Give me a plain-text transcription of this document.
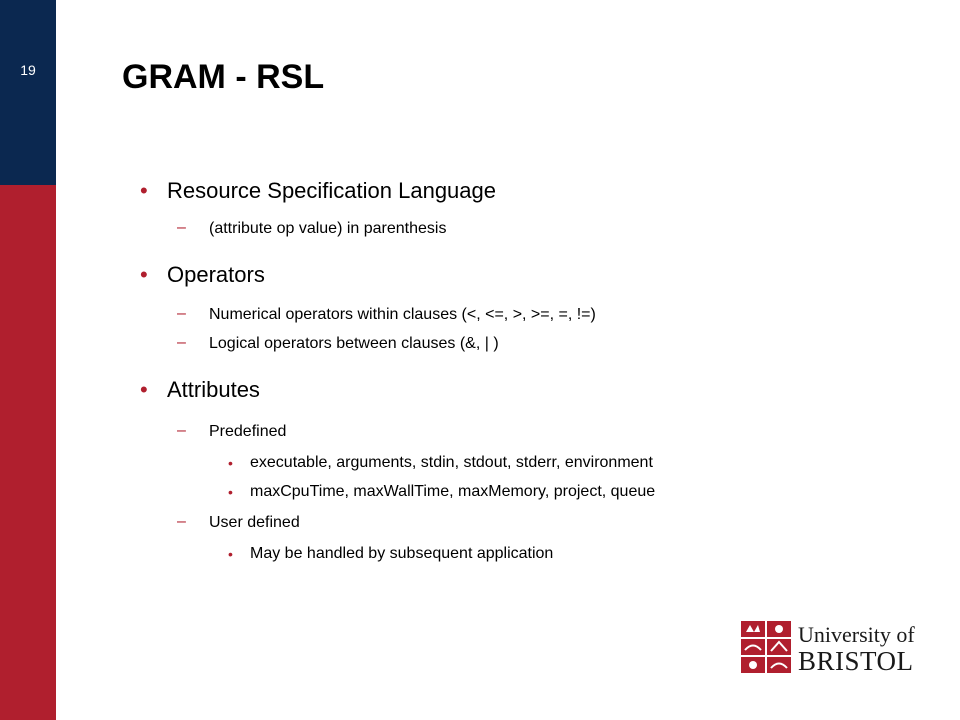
19	GRAM - RSL
• Resource Specification Language
– (attribute op value) in parenthesis
• Operators
– Numerical operators within clauses (<, <=, >, >=, =, !=)
– Logical operators between clauses (&, | )
• Attributes
– Predefined
• executable, arguments, stdin, stdout, stderr, environment
• maxCpuTime, maxWallTime, maxMemory, project, queue
– User defined
• May be handled by subsequent application
University of
BRISTOL
